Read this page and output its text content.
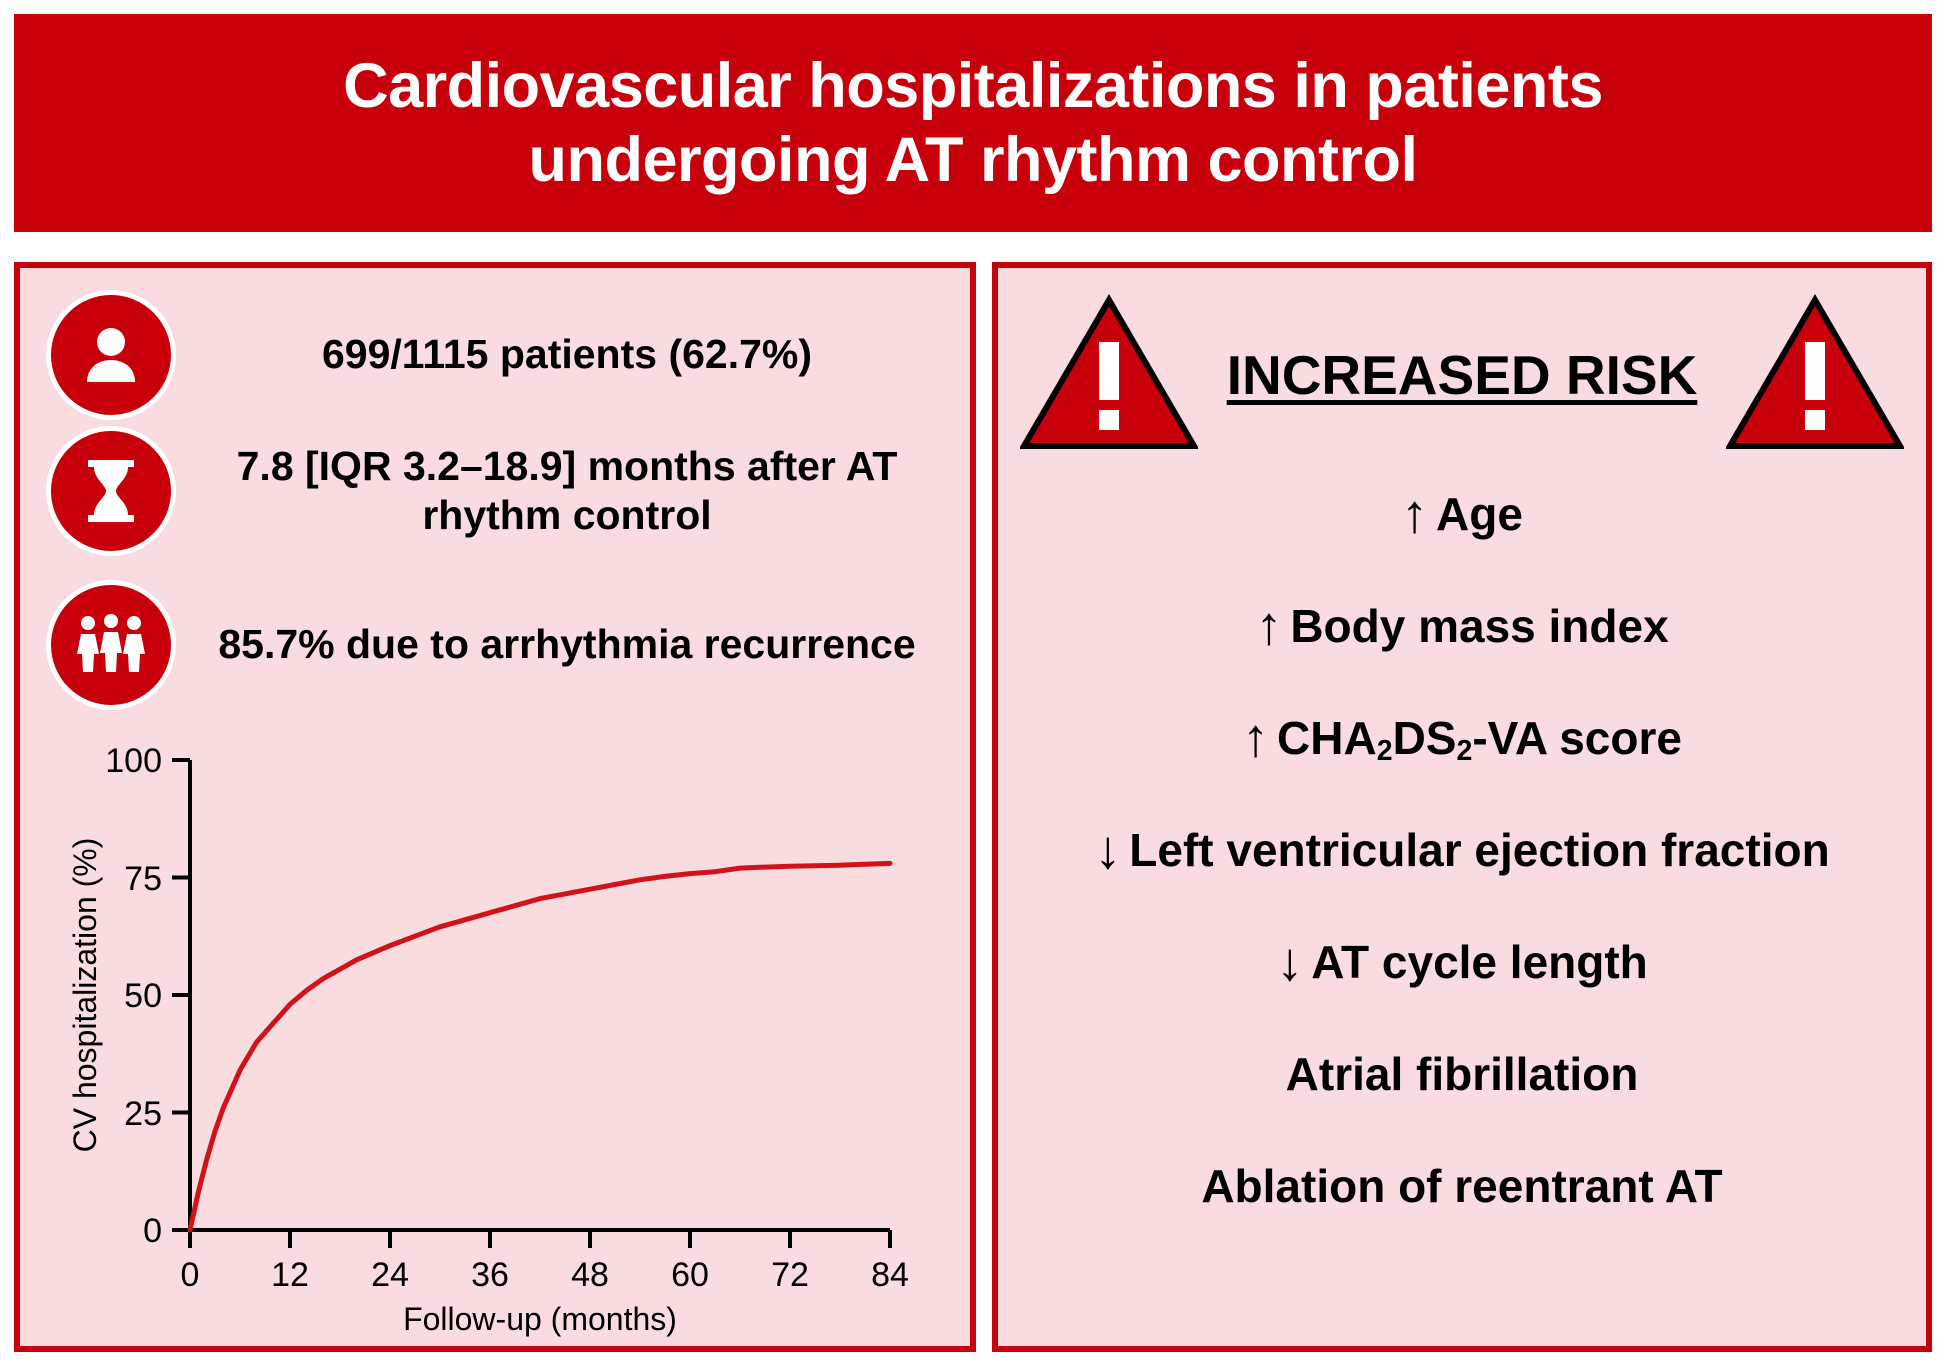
Cardiovascular hospitalizations in patients
undergoing AT rhythm control
699/1115 patients (62.7%)
7.8 [IQR 3.2–18.9] months after AT rhythm control
85.7% due to arrhythmia recurrence
0
25
50
75
100
0 12 24 36 48 60 72 84
Follow-up (months)
CV hospitalization (%)
INCREASED RISK
↑ Age
↑ Body mass index
↑ $CHA_2DS_2-VA$ score
↓ Left ventricular ejection fraction
↓ AT cycle length
Atrial fibrillation
Ablation of reentrant AT
